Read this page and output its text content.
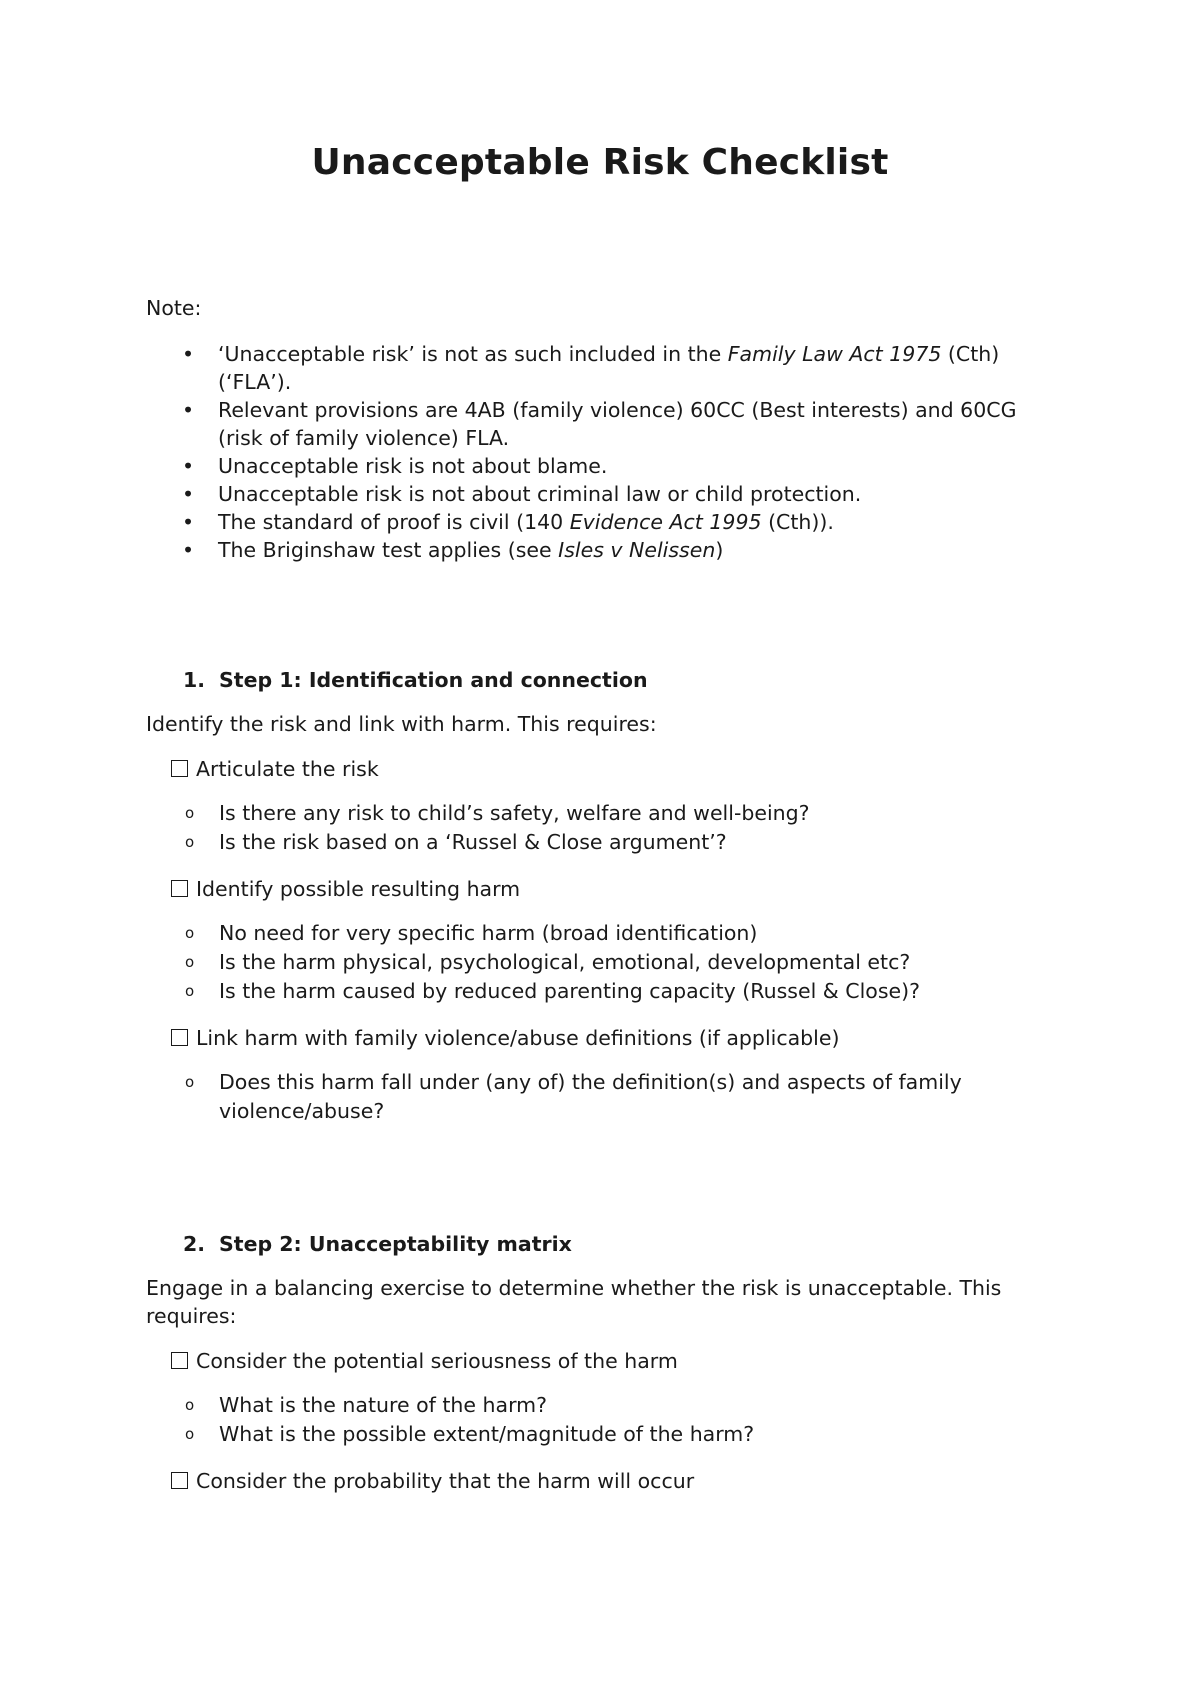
Unacceptable Risk Checklist
Note:
• ‘Unacceptable risk’ is not as such included in the Family Law Act 1975 (Cth) (‘FLA’).
• Relevant provisions are 4AB (family violence) 60CC (Best interests) and 60CG (risk of family violence) FLA.
• Unacceptable risk is not about blame.
• Unacceptable risk is not about criminal law or child protection.
• The standard of proof is civil (140 Evidence Act 1995 (Cth)).
• The Briginshaw test applies (see Isles v Nelissen)
1. Step 1: Identification and connection
Identify the risk and link with harm. This requires:
Articulate the risk
o Is there any risk to child’s safety, welfare and well-being?
o Is the risk based on a ‘Russel & Close argument’?
Identify possible resulting harm
o No need for very specific harm (broad identification)
o Is the harm physical, psychological, emotional, developmental etc?
o Is the harm caused by reduced parenting capacity (Russel & Close)?
Link harm with family violence/abuse definitions (if applicable)
o Does this harm fall under (any of) the definition(s) and aspects of family violence/abuse?
2. Step 2: Unacceptability matrix
Engage in a balancing exercise to determine whether the risk is unacceptable. This requires:
Consider the potential seriousness of the harm
o What is the nature of the harm?
o What is the possible extent/magnitude of the harm?
Consider the probability that the harm will occur
